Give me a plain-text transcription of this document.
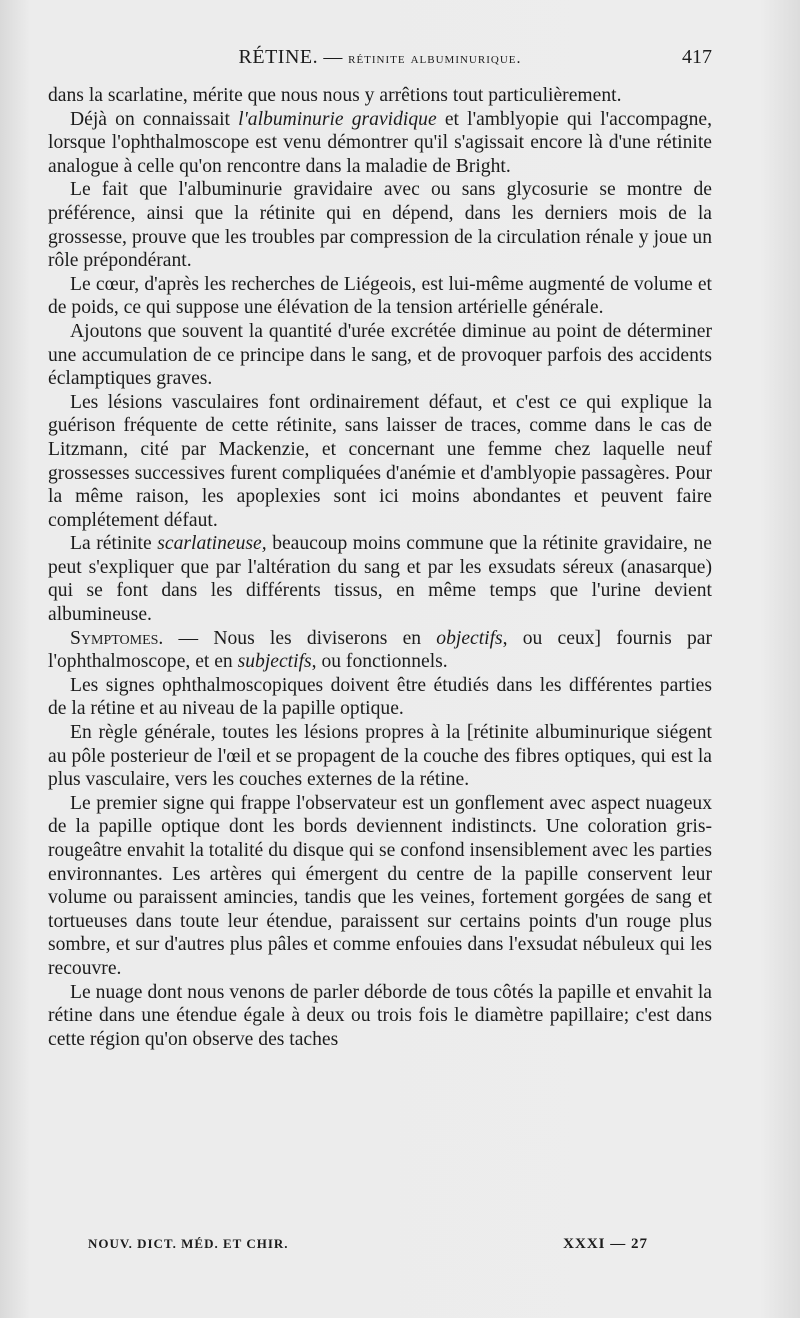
RÉTINE. — rétinite albuminurique.	417

dans la scarlatine, mérite que nous nous y arrêtions tout particulièrement.

Déjà on connaissait l'albuminurie gravidique et l'amblyopie qui l'accompagne, lorsque l'ophthalmoscope est venu démontrer qu'il s'agissait encore là d'une rétinite analogue à celle qu'on rencontre dans la maladie de Bright.

Le fait que l'albuminurie gravidaire avec ou sans glycosurie se montre de préférence, ainsi que la rétinite qui en dépend, dans les derniers mois de la grossesse, prouve que les troubles par compression de la circulation rénale y joue un rôle prépondérant.

Le cœur, d'après les recherches de Liégeois, est lui-même augmenté de volume et de poids, ce qui suppose une élévation de la tension artérielle générale.

Ajoutons que souvent la quantité d'urée excrétée diminue au point de déterminer une accumulation de ce principe dans le sang, et de provoquer parfois des accidents éclamptiques graves.

Les lésions vasculaires font ordinairement défaut, et c'est ce qui explique la guérison fréquente de cette rétinite, sans laisser de traces, comme dans le cas de Litzmann, cité par Mackenzie, et concernant une femme chez laquelle neuf grossesses successives furent compliquées d'anémie et d'amblyopie passagères. Pour la même raison, les apoplexies sont ici moins abondantes et peuvent faire complétement défaut.

La rétinite scarlatineuse, beaucoup moins commune que la rétinite gravidaire, ne peut s'expliquer que par l'altération du sang et par les exsudats séreux (anasarque) qui se font dans les différents tissus, en même temps que l'urine devient albumineuse.

Symptomes. — Nous les diviserons en objectifs, ou ceux] fournis par l'ophthalmoscope, et en subjectifs, ou fonctionnels.

Les signes ophthalmoscopiques doivent être étudiés dans les différentes parties de la rétine et au niveau de la papille optique.

En règle générale, toutes les lésions propres à la [rétinite albuminurique siégent au pôle posterieur de l'œil et se propagent de la couche des fibres optiques, qui est la plus vasculaire, vers les couches externes de la rétine.

Le premier signe qui frappe l'observateur est un gonflement avec aspect nuageux de la papille optique dont les bords deviennent indistincts. Une coloration gris-rougeâtre envahit la totalité du disque qui se confond insensiblement avec les parties environnantes. Les artères qui émergent du centre de la papille conservent leur volume ou paraissent amincies, tandis que les veines, fortement gorgées de sang et tortueuses dans toute leur étendue, paraissent sur certains points d'un rouge plus sombre, et sur d'autres plus pâles et comme enfouies dans l'exsudat nébuleux qui les recouvre.

Le nuage dont nous venons de parler déborde de tous côtés la papille et envahit la rétine dans une étendue égale à deux ou trois fois le diamètre papillaire; c'est dans cette région qu'on observe des taches

NOUV. DICT. MÉD. ET CHIR.	XXXI — 27
